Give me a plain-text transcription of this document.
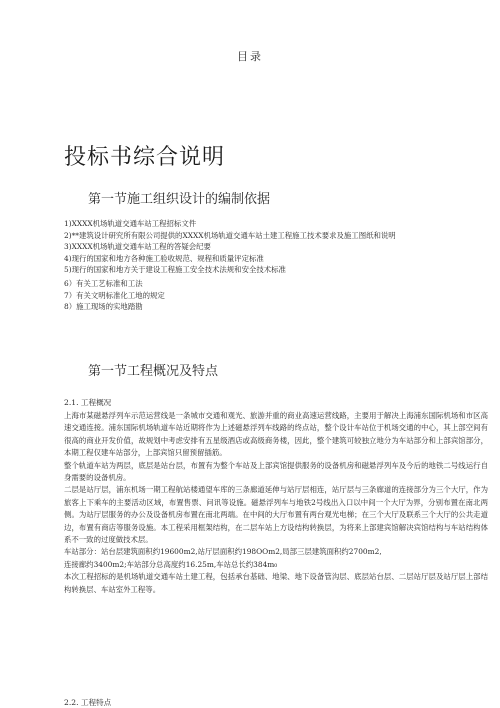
目录
投标书综合说明
第一节施工组织设计的编制依据
1)XXXX机场轨道交通车站工程招标文件
2)**建筑设计研究所有限公司提供的XXXX机场轨道交通车站土建工程施工技术要求及施工图纸和说明
3)XXXX机场轨道交通车站工程的答疑会纪要
4)现行的国家和地方各种施工验收规范、规程和质量评定标准
5)现行的国家和地方关于建设工程施工安全技术法规和安全技术标准
6）有关工艺标准和工法
7）有关文明标准化工地的规定
8）施工现场的实地踏勘
第一节工程概况及特点
2.1. 工程概况

上海市某磁悬浮列车示范运营线是一条城市交通和观光、旅游并重的商业高速运营线路，主要用于解决上海浦东国际机场和市区高速交通连接。浦东国际机场轨道车站近期将作为上述磁悬浮列车线路的终点站，整个设计车站位于机场交通的中心，其上部空间有很高的商业开发价值，故规划中考虑安排有五星级酒店或高级商务楼，因此，整个建筑可较独立地分为车站部分和上部宾馆部分，本期工程仅建车站部分，上部宾馆只留预留插筋。

整个轨道车站为两层，底层是站台层，布置有为整个车站及上部宾馆提供服务的设备机房和磁悬浮列车及今后的地铁二号线运行自身需要的设备机房。

二层是站厅层，浦东机场一期工程航站楼通望车库的三条廊道延伸与站厅层相连，站厅层与三条廊道的连接部分为三个大厅，作为旅客上下乘车的主要活动区域，布置售票、问讯等设施。磁悬浮列车与地铁2号线出入口以中间一个大厅为界，分别布置在南北两侧。为站厅层服务的办公及设备机房布置在南北两端。在中间的大厅布置有两台观光电梯；在三个大厅及联系三个大厅的公共走道边，布置有商店等服务设施。本工程采用框架结构，在二层车站上方设结构转换层，为将来上部建宾馆解决宾馆结构与车站结构体系不一致的过度做技术层。

车站部分：站台层建筑面积约19600m2,站厅层面积约198OOm2,局部三层建筑面积约2700m2,

连接廊约3400m2;车站部分总高度约16.25m,车站总长约384m₀

本次工程招标的是机场轨道交通车站土建工程，包括承台基础、地梁、地下设备管沟层、底层站台层、二层站厅层及站厅层上部结构转换层、车站室外工程等。

2.2. 工程特点
